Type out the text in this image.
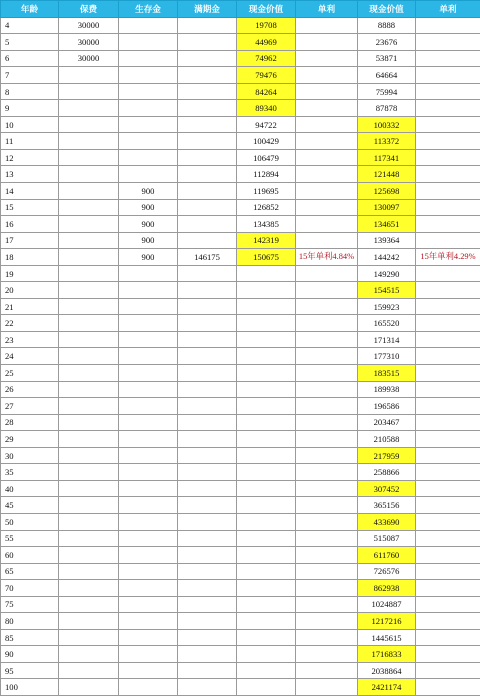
年龄	保费	生存金	满期金	现金价值	单利	现金价值	单利
4	30000			19708		8888	
5	30000			44969		23676	
6	30000			74962		53871	
7				79476		64664	
8				84264		75994	
9				89340		87878	
10				94722		100332	
11				100429		113372	
12				106479		117341	
13				112894		121448	
14		900		119695		125698	
15		900		126852		130097	
16		900		134385		134651	
17		900		142319		139364	
18		900	146175	150675	15年单利4.84%	144242	15年单利4.29%
19						149290	
20						154515	
21						159923	
22						165520	
23						171314	
24						177310	
25						183515	
26						189938	
27						196586	
28						203467	
29						210588	
30						217959	
35						258866	
40						307452	
45						365156	
50						433690	
55						515087	
60						611760	
65						726576	
70						862938	
75						1024887	
80						1217216	
85						1445615	
90						1716833	
95						2038864	
100						2421174	
